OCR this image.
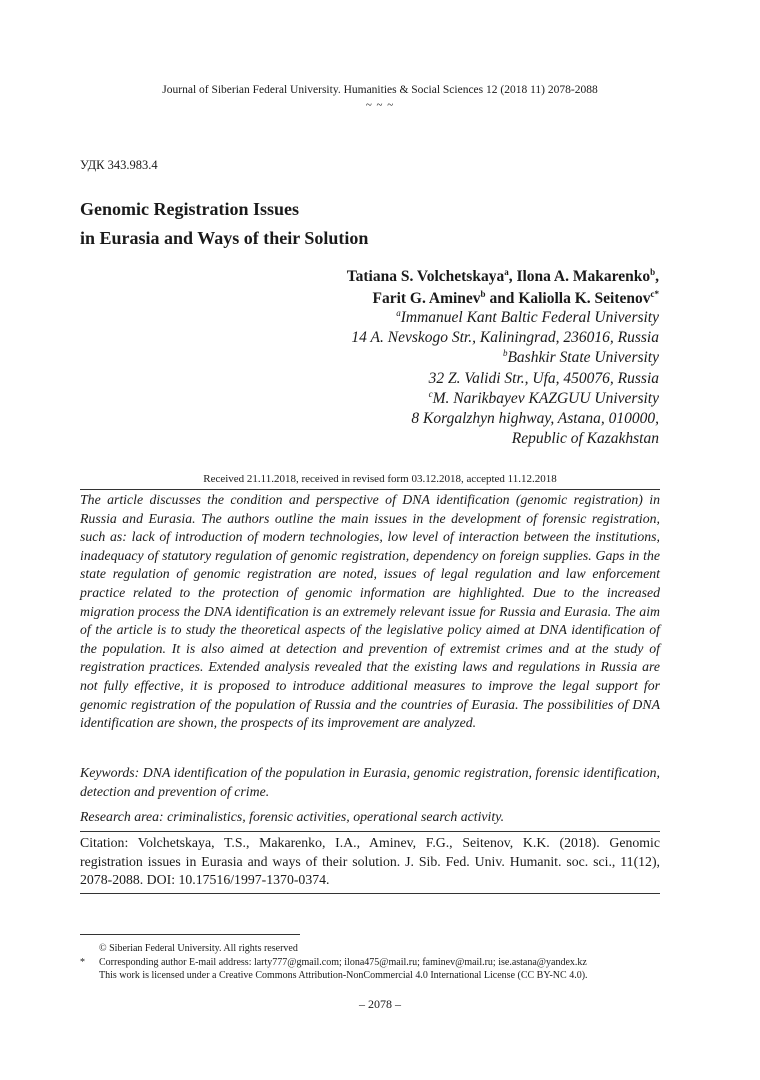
Journal of Siberian Federal University. Humanities & Social Sciences 12 (2018 11) 2078-2088
~ ~ ~
УДК 343.983.4
Genomic Registration Issues
in Eurasia and Ways of their Solution
Tatiana S. Volchetskaya$^a$, Ilona A. Makarenko$^b$,
Farit G. Aminev$^b$ and Kaliolla K. Seitenov$^{c*}$
$^a$Immanuel Kant Baltic Federal University
14 A. Nevskogo Str., Kaliningrad, 236016, Russia
$^b$Bashkir State University
32 Z. Validi Str., Ufa, 450076, Russia
$^c$M. Narikbayev KAZGUU University
8 Korgalzhyn highway, Astana, 010000,
Republic of Kazakhstan
Received 21.11.2018, received in revised form 03.12.2018, accepted 11.12.2018
The article discusses the condition and perspective of DNA identification (genomic registration) in Russia and Eurasia. The authors outline the main issues in the development of forensic registration, such as: lack of introduction of modern technologies, low level of interaction between the institutions, inadequacy of statutory regulation of genomic registration, dependency on foreign supplies. Gaps in the state regulation of genomic registration are noted, issues of legal regulation and law enforcement practice related to the protection of genomic information are highlighted. Due to the increased migration process the DNA identification is an extremely relevant issue for Russia and Eurasia. The aim of the article is to study the theoretical aspects of the legislative policy aimed at DNA identification of the population. It is also aimed at detection and prevention of extremist crimes and at the study of registration practices. Extended analysis revealed that the existing laws and regulations in Russia are not fully effective, it is proposed to introduce additional measures to improve the legal support for genomic registration of the population of Russia and the countries of Eurasia. The possibilities of DNA identification are shown, the prospects of its improvement are analyzed.
Keywords: DNA identification of the population in Eurasia, genomic registration, forensic identification, detection and prevention of crime.
Research area: criminalistics, forensic activities, operational search activity.
Citation: Volchetskaya, T.S., Makarenko, I.A., Aminev, F.G., Seitenov, K.K. (2018). Genomic registration issues in Eurasia and ways of their solution. J. Sib. Fed. Univ. Humanit. soc. sci., 11(12), 2078-2088. DOI: 10.17516/1997-1370-0374.
© Siberian Federal University. All rights reserved
*	Corresponding author E-mail address: larty777@gmail.com; ilona475@mail.ru; faminev@mail.ru; ise.astana@yandex.kz
This work is licensed under a Creative Commons Attribution-NonCommercial 4.0 International License (CC BY-NC 4.0).
– 2078 –
